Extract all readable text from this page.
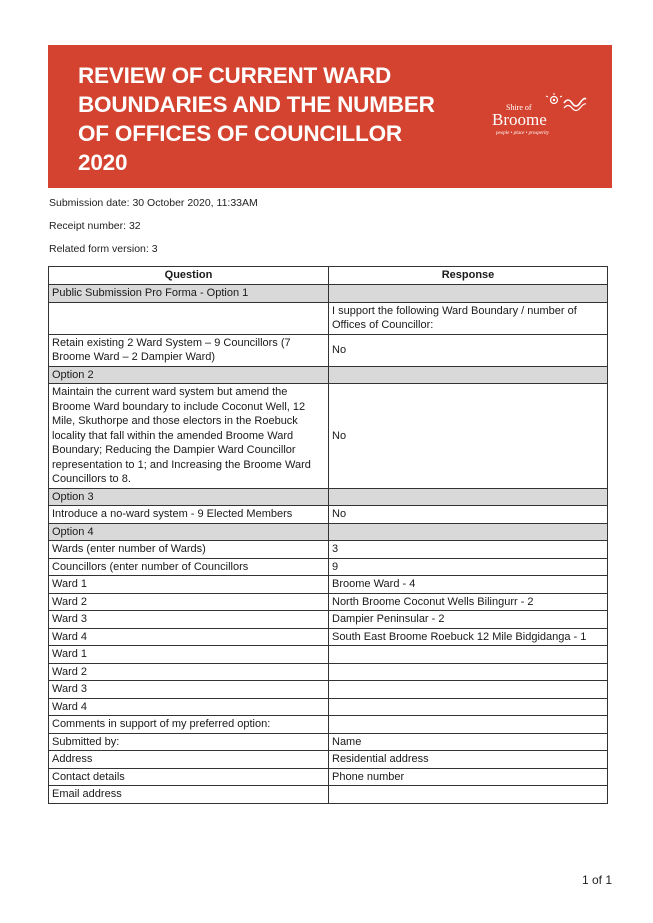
REVIEW OF CURRENT WARD
BOUNDARIES AND THE NUMBER
OF OFFICES OF COUNCILLOR
2020
Shire of
Broome
people • place • prosperity
Submission date: 30 October 2020, 11:33AM
Receipt number: 32
Related form version: 3
Question	Response
Public Submission Pro Forma - Option 1	
	I support the following Ward Boundary / number of Offices of Councillor:
Retain existing 2 Ward System – 9 Councillors (7 Broome Ward – 2 Dampier Ward)	No
Option 2	
Maintain the current ward system but amend the Broome Ward boundary to include Coconut Well, 12 Mile, Skuthorpe and those electors in the Roebuck locality that fall within the amended Broome Ward Boundary; Reducing the Dampier Ward Councillor representation to 1; and Increasing the Broome Ward Councillors to 8.	No
Option 3	
Introduce a no-ward system - 9 Elected Members	No
Option 4	
Wards (enter number of Wards)	3
Councillors (enter number of Councillors	9
Ward 1	Broome Ward - 4
Ward 2	North Broome Coconut Wells Bilingurr - 2
Ward 3	Dampier Peninsular - 2
Ward 4	South East Broome Roebuck 12 Mile Bidgidanga - 1
Ward 1	
Ward 2	
Ward 3	
Ward 4	
Comments in support of my preferred option:	
Submitted by:	Name
Address	Residential address
Contact details	Phone number
Email address	
1 of 1
